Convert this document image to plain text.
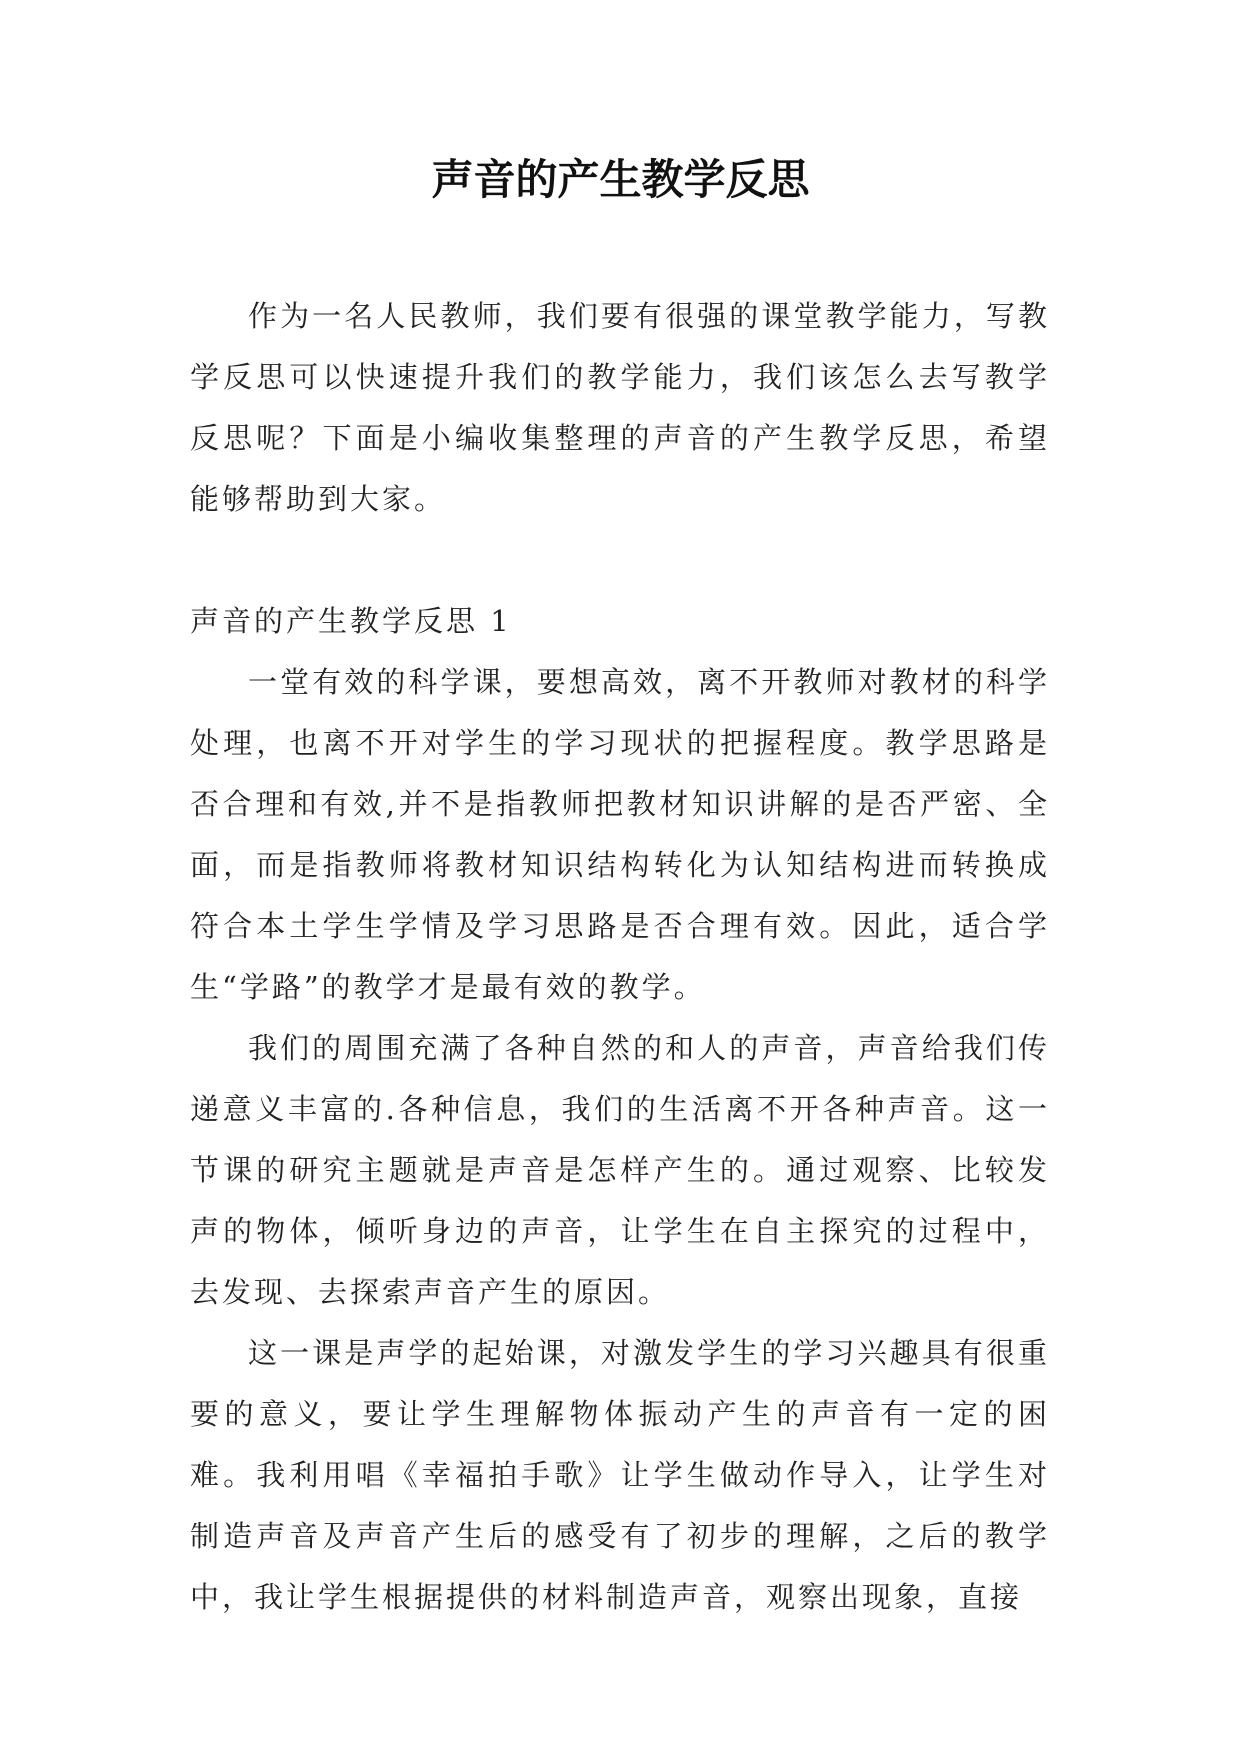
声音的产生教学反思

作为一名人民教师，我们要有很强的课堂教学能力，写教学反思可以快速提升我们的教学能力，我们该怎么去写教学反思呢？下面是小编收集整理的声音的产生教学反思，希望能够帮助到大家。

声音的产生教学反思 1

一堂有效的科学课，要想高效，离不开教师对教材的科学处理，也离不开对学生的学习现状的把握程度。教学思路是否合理和有效,并不是指教师把教材知识讲解的是否严密、全面，而是指教师将教材知识结构转化为认知结构进而转换成符合本土学生学情及学习思路是否合理有效。因此，适合学生“学路”的教学才是最有效的教学。

我们的周围充满了各种自然的和人的声音，声音给我们传递意义丰富的.各种信息，我们的生活离不开各种声音。这一节课的研究主题就是声音是怎样产生的。通过观察、比较发声的物体，倾听身边的声音，让学生在自主探究的过程中，去发现、去探索声音产生的原因。

这一课是声学的起始课，对激发学生的学习兴趣具有很重要的意义，要让学生理解物体振动产生的声音有一定的困难。我利用唱《幸福拍手歌》让学生做动作导入，让学生对制造声音及声音产生后的感受有了初步的理解，之后的教学中，我让学生根据提供的材料制造声音，观察出现象，直接
